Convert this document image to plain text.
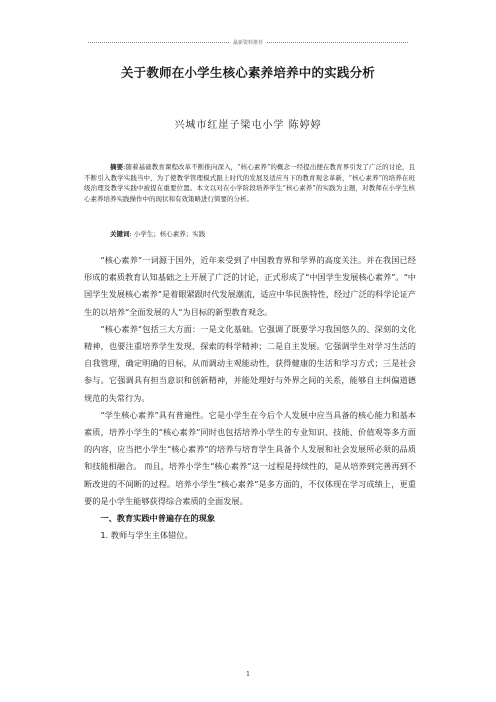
最新资料推荐
关于教师在小学生核心素养培养中的实践分析
兴城市红崖子梁屯小学 陈婷婷

摘要:随着基础教育课程改革不断推向深入，“核心素养”的概念一经提出便在教育界引发了广泛的讨论，且不断引入教学实践当中，为了使教学管理模式跟上时代的发展及适应当下的教育观念革新，“核心素养”的培养在班级治理及教学实践中被提在重要位置。本文以对在小学阶段培养学生“核心素养”的实践为主题，对教师在小学生核心素养培养实践操作中的现状和有效策略进行简要的分析。

关键词: 小学生；核心素养；实践

“核心素养”一词源于国外，近年来受到了中国教育界和学界的高度关注。并在我国已经形成的素质教育认知基础之上开展了广泛的讨论，正式形成了“中国学生发展核心素养”。“中国学生发展核心素养”是着眼紧跟时代发展潮流，适应中华民族特性，经过广泛的科学论证产生的以培养“全面发展的人”为目标的新型教育观念。

“核心素养”包括三大方面：一是文化基础。它强调了既要学习我国悠久的、深刻的文化精神，也要注重培养学生发现、探索的科学精神；二是自主发展。它强调学生对学习生活的自我管理，确定明确的目标，从而调动主观能动性，获得健康的生活和学习方式；三是社会参与。它强调具有担当意识和创新精神，并能处理好与外界之间的关系，能够自主纠偏道德规范的失常行为。

“学生核心素养”具有普遍性。它是小学生在今后个人发展中应当具备的核心能力和基本素质，培养小学生的“核心素养”同时也包括培养小学生的专业知识、技能、价值观等多方面的内容，应当把小学生“核心素养”的培养与培育学生具备个人发展和社会发展所必须的品质和技能相融合。 而且，培养小学生“核心素养”这一过程是持续性的，是从培养到完善再到不断改进的不间断的过程。培养小学生“核心素养”是多方面的，不仅体现在学习成绩上，更重要的是小学生能够获得综合素质的全面发展。

一、教育实践中普遍存在的现象
1. 教师与学生主体错位。
1
